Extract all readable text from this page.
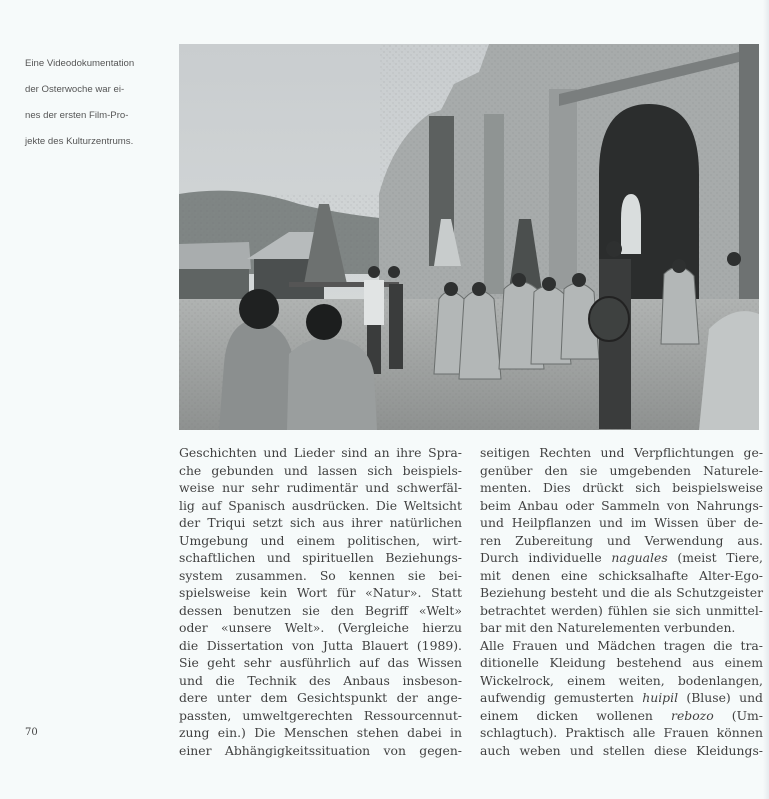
Eine Videodokumentation

der Osterwoche war ei-

nes der ersten Film-Pro-

jekte des Kulturzentrums.

Geschichten und Lieder sind an ihre Spra-
che gebunden und lassen sich beispiels-
weise nur sehr rudimentär und schwerfäl-
lig auf Spanisch ausdrücken. Die Weltsicht
der Triqui setzt sich aus ihrer natürlichen
Umgebung und einem politischen, wirt-
schaftlichen und spirituellen Beziehungs-
system zusammen. So kennen sie bei-
spielsweise kein Wort für «Natur». Statt
dessen benutzen sie den Begriff «Welt»
oder «unsere Welt». (Vergleiche hierzu
die Dissertation von Jutta Blauert (1989).
Sie geht sehr ausführlich auf das Wissen
und die Technik des Anbaus insbeson-
dere unter dem Gesichtspunkt der ange-
passten, umweltgerechten Ressourcennut-
zung ein.) Die Menschen stehen dabei in
einer Abhängigkeitssituation von gegen-
seitigen Rechten und Verpflichtungen ge-
genüber den sie umgebenden Naturele-
menten. Dies drückt sich beispielsweise
beim Anbau oder Sammeln von Nahrungs-
und Heilpflanzen und im Wissen über de-
ren Zubereitung und Verwendung aus.
Durch individuelle naguales (meist Tiere,
mit denen eine schicksalhafte Alter-Ego-
Beziehung besteht und die als Schutzgeister
betrachtet werden) fühlen sie sich unmittel-
bar mit den Naturelementen verbunden.
Alle Frauen und Mädchen tragen die tra-
ditionelle Kleidung bestehend aus einem
Wickelrock, einem weiten, bodenlangen,
aufwendig gemusterten huipil (Bluse) und
einem dicken wollenen rebozo (Um-
schlagtuch). Praktisch alle Frauen können
auch weben und stellen diese Kleidungs-
70
